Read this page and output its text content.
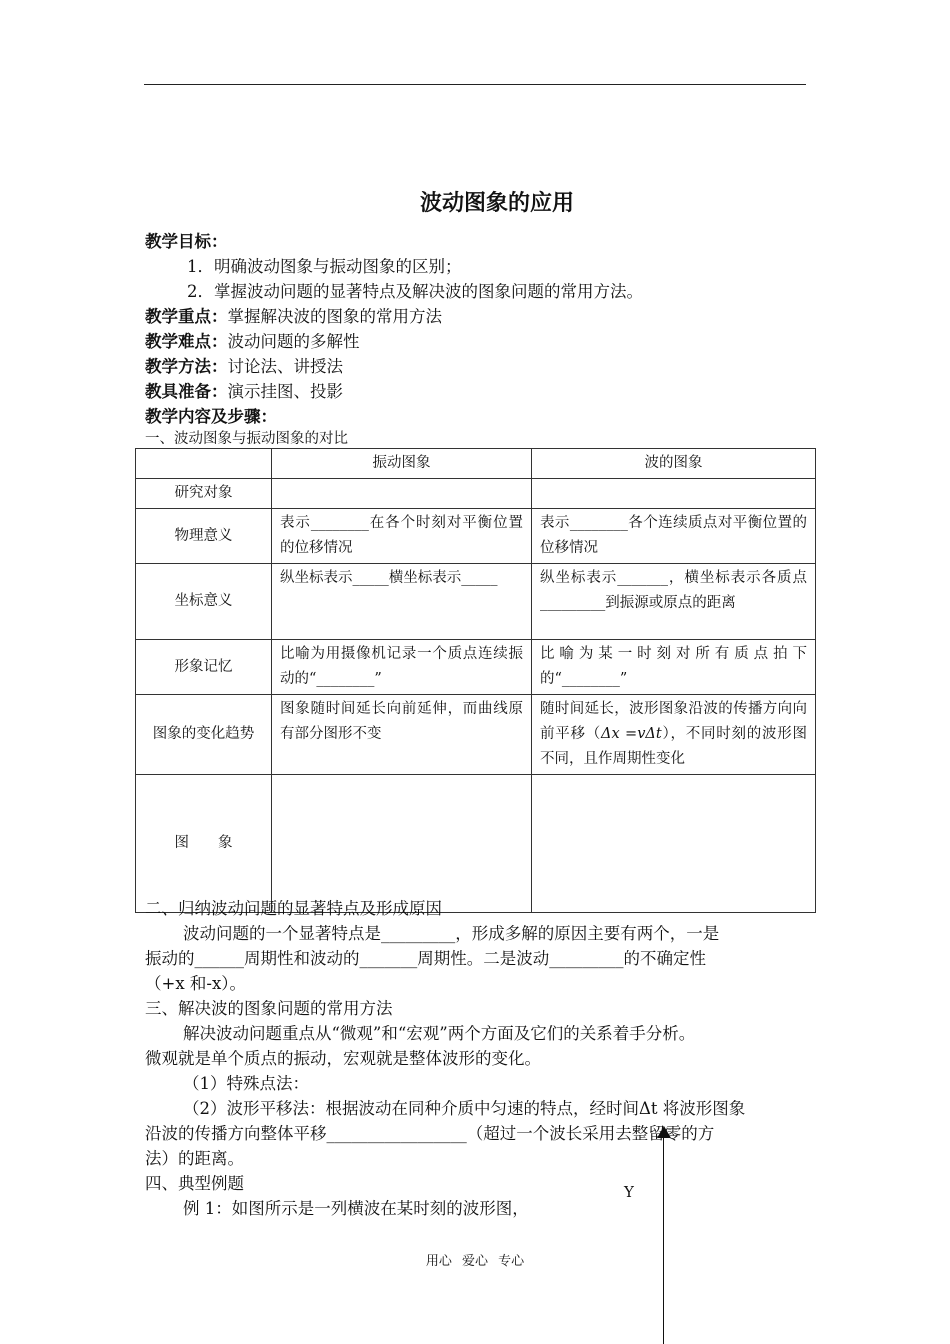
波动图象的应用
教学目标：
1．明确波动图象与振动图象的区别；
2．掌握波动问题的显著特点及解决波的图象问题的常用方法。
教学重点：掌握解决波的图象的常用方法
教学难点：波动问题的多解性
教学方法：讨论法、讲授法
教具准备：演示挂图、投影
教学内容及步骤：
一、波动图象与振动图象的对比
	振动图象	波的图象
研究对象		
物理意义	表示________在各个时刻对平衡位置的位移情况	表示________各个连续质点对平衡位置的位移情况
坐标意义	纵坐标表示_____横坐标表示_____	纵坐标表示_______，横坐标表示各质点_________到振源或原点的距离
形象记忆	比喻为用摄像机记录一个质点连续振动的“________”	比喻为某一时刻对所有质点拍下的“________”
图象的变化趋势	图象随时间延长向前延伸，而曲线原有部分图形不变	随时间延长，波形图象沿波的传播方向向前平移（Δx =vΔt），不同时刻的波形图不同，且作周期性变化
图　　象		
二、归纳波动问题的显著特点及形成原因
波动问题的一个显著特点是_________，形成多解的原因主要有两个，一是
振动的______周期性和波动的_______周期性。二是波动_________的不确定性
（+x 和-x）。
三、解决波的图象问题的常用方法
解决波动问题重点从“微观”和“宏观”两个方面及它们的关系着手分析。
微观就是单个质点的振动，宏观就是整体波形的变化。
（1）特殊点法：
（2）波形平移法：根据波动在同种介质中匀速的特点，经时间Δt 将波形图象
沿波的传播方向整体平移_________________（超过一个波长采用去整留零的方
法）的距离。
四、典型例题
例 1：如图所示是一列横波在某时刻的波形图，
Y
用心 爱心 专心
